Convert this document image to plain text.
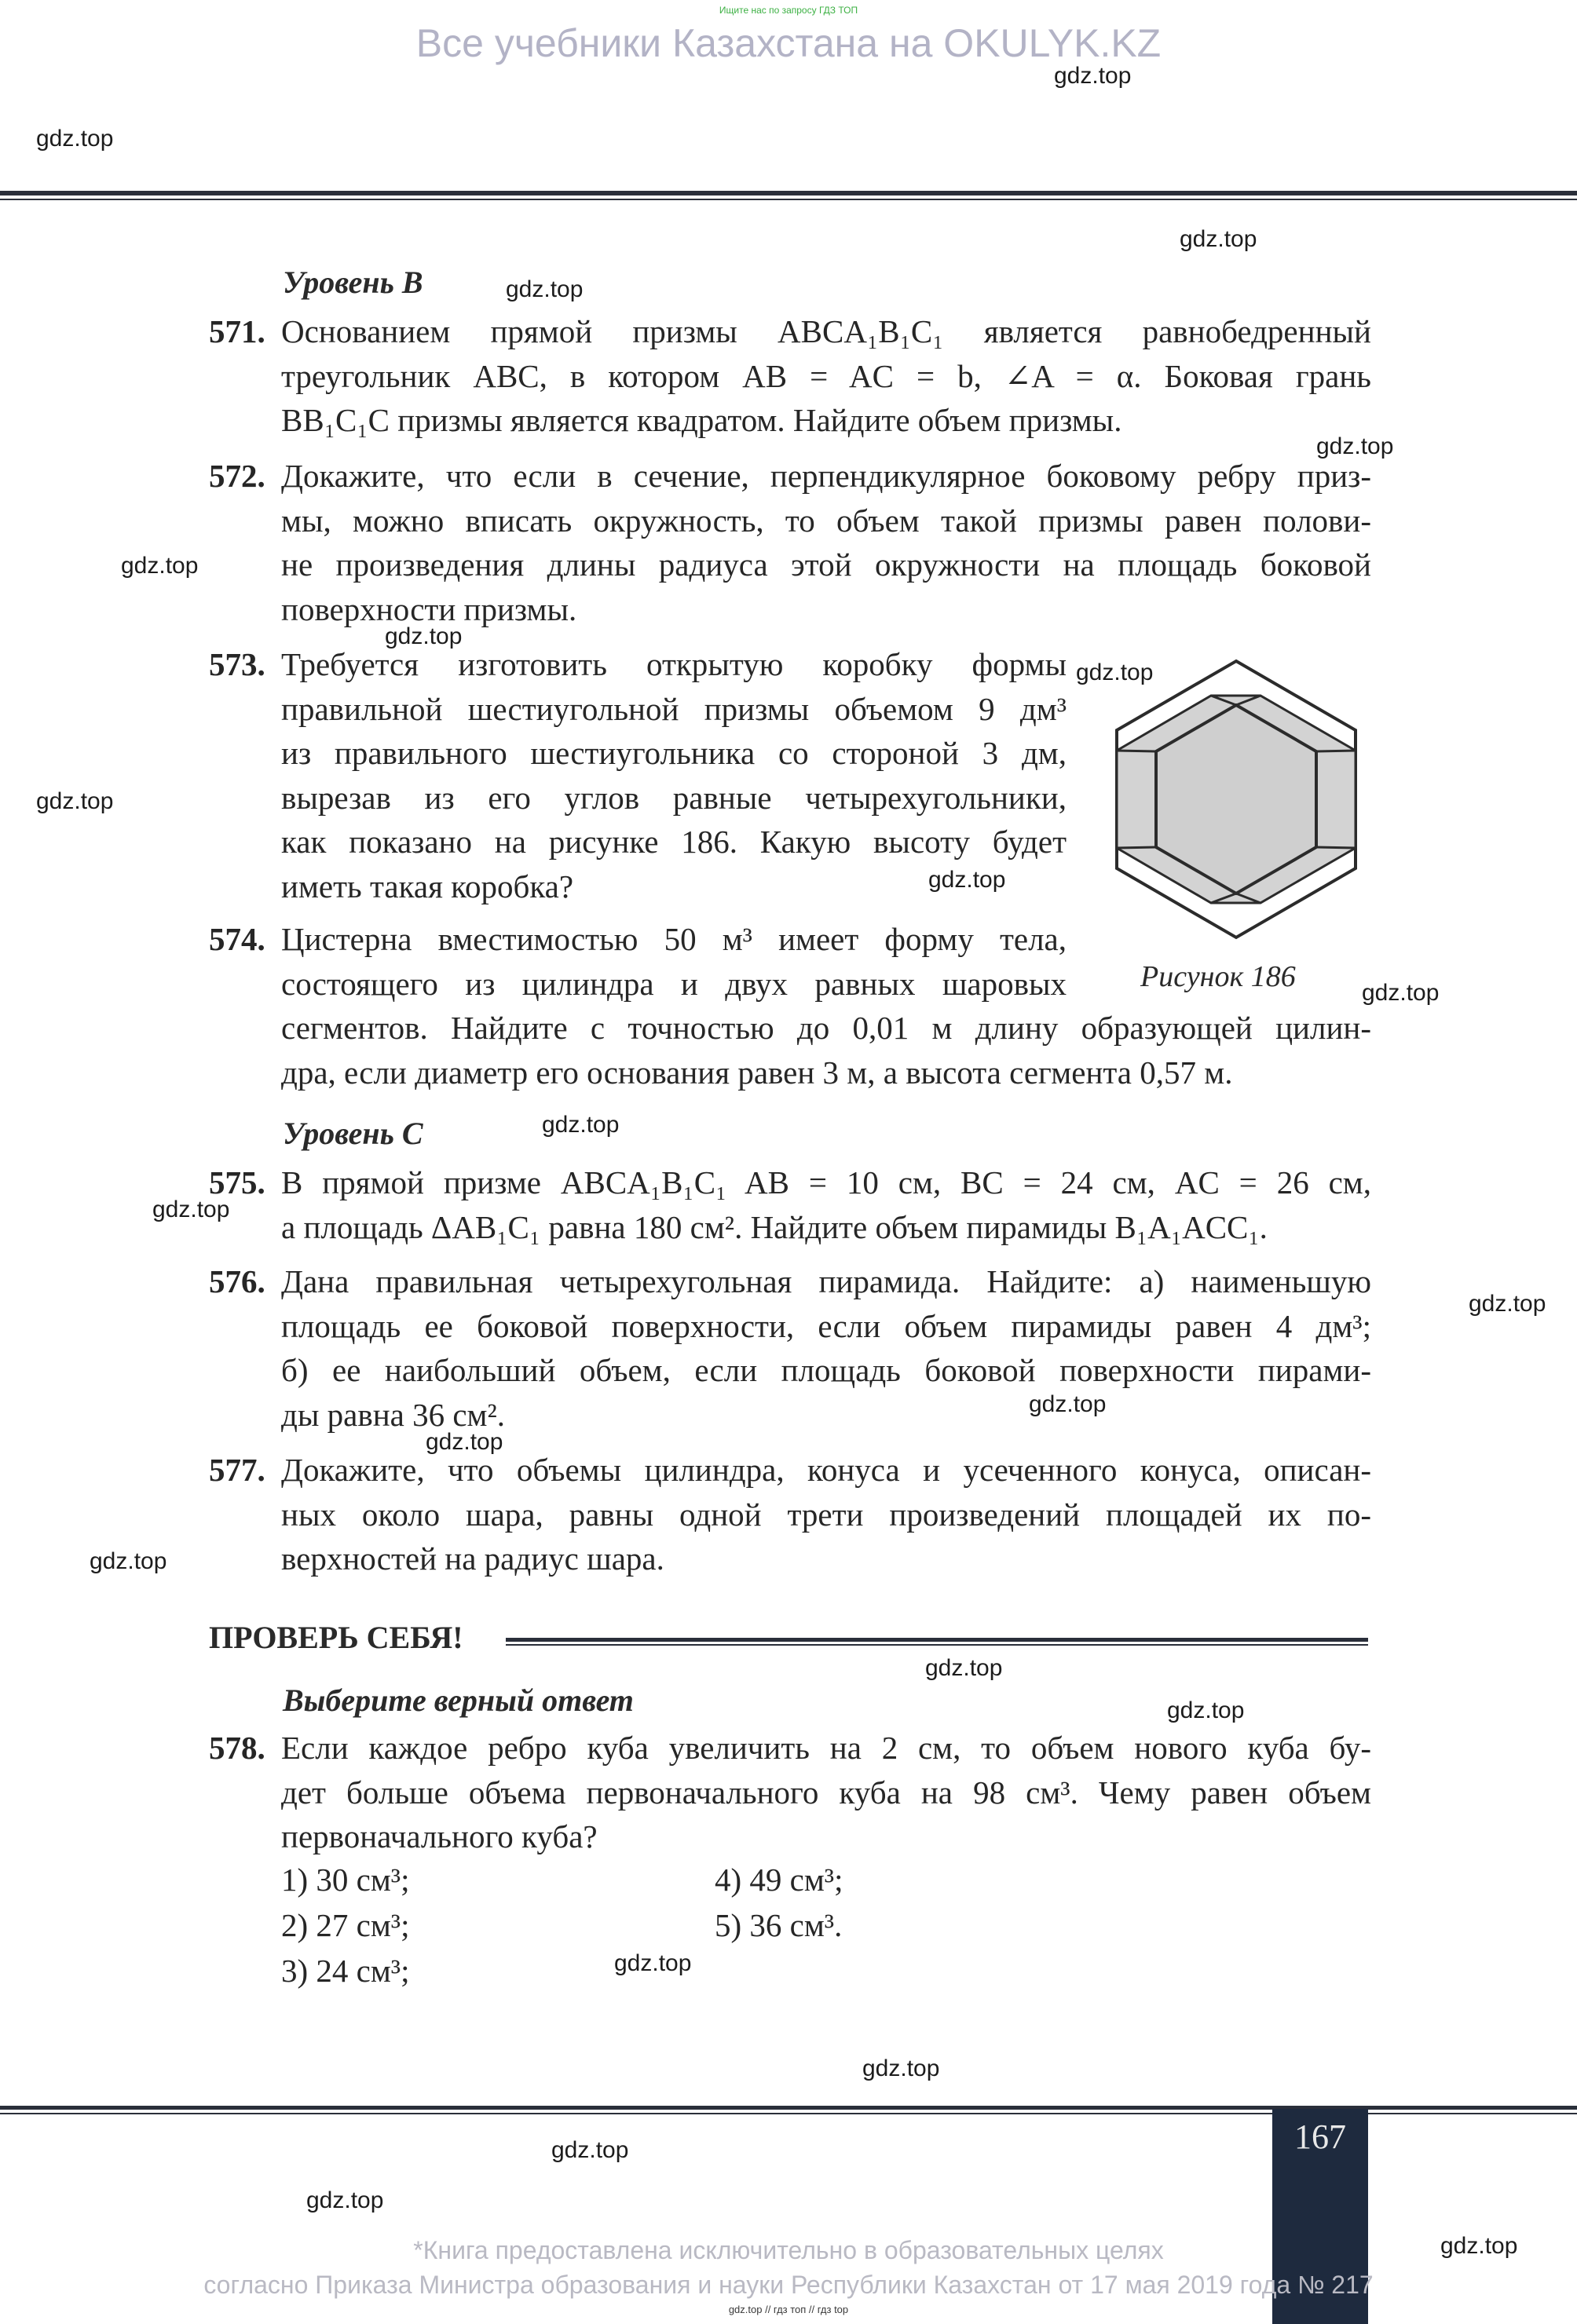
Ищите нас по запросу ГДЗ ТОП
Все учебники Казахстана на OKULYK.KZ
Уровень В
571. Основанием прямой призмы ABCA₁B₁C₁ является равнобедренный
треугольник ABC, в котором AB = AC = b, ∠A = α. Боковая грань
BB₁C₁C призмы является квадратом. Найдите объем призмы.
572. Докажите, что если в сечение, перпендикулярное боковому ребру приз-
мы, можно вписать окружность, то объем такой призмы равен полови-
не произведения длины радиуса этой окружности на площадь боковой
поверхности призмы.
573. Требуется изготовить открытую коробку формы
правильной шестиугольной призмы объемом 9 дм³
из правильного шестиугольника со стороной 3 дм,
вырезав из его углов равные четырехугольники,
как показано на рисунке 186. Какую высоту будет
иметь такая коробка?
Рисунок 186
574. Цистерна вместимостью 50 м³ имеет форму тела,
состоящего из цилиндра и двух равных шаровых
сегментов. Найдите с точностью до 0,01 м длину образующей цилин-
дра, если диаметр его основания равен 3 м, а высота сегмента 0,57 м.
Уровень С
575. В прямой призме ABCA₁B₁C₁ AB = 10 см, BC = 24 см, AC = 26 см,
а площадь ΔAB₁C₁ равна 180 см². Найдите объем пирамиды B₁A₁ACC₁.
576. Дана правильная четырехугольная пирамида. Найдите: а) наименьшую
площадь ее боковой поверхности, если объем пирамиды равен 4 дм³;
б) ее наибольший объем, если площадь боковой поверхности пирами-
ды равна 36 см².
577. Докажите, что объемы цилиндра, конуса и усеченного конуса, описан-
ных около шара, равны одной трети произведений площадей их по-
верхностей на радиус шара.
ПРОВЕРЬ СЕБЯ!
Выберите верный ответ
578. Если каждое ребро куба увеличить на 2 см, то объем нового куба бу-
дет больше объема первоначального куба на 98 см³. Чему равен объем
первоначального куба?
1) 30 см³;
2) 27 см³;
3) 24 см³;
4) 49 см³;
5) 36 см³.
167
*Книга предоставлена исключительно в образовательных целях
согласно Приказа Министра образования и науки Республики Казахстан от 17 мая 2019 года № 217
gdz.top // гдз топ // гдз top
gdz.top
gdz.top
gdz.top
gdz.top
gdz.top
gdz.top
gdz.top
gdz.top
gdz.top
gdz.top
gdz.top
gdz.top
gdz.top
gdz.top
gdz.top
gdz.top
gdz.top
gdz.top
gdz.top
gdz.top
gdz.top
gdz.top
gdz.top
gdz.top
